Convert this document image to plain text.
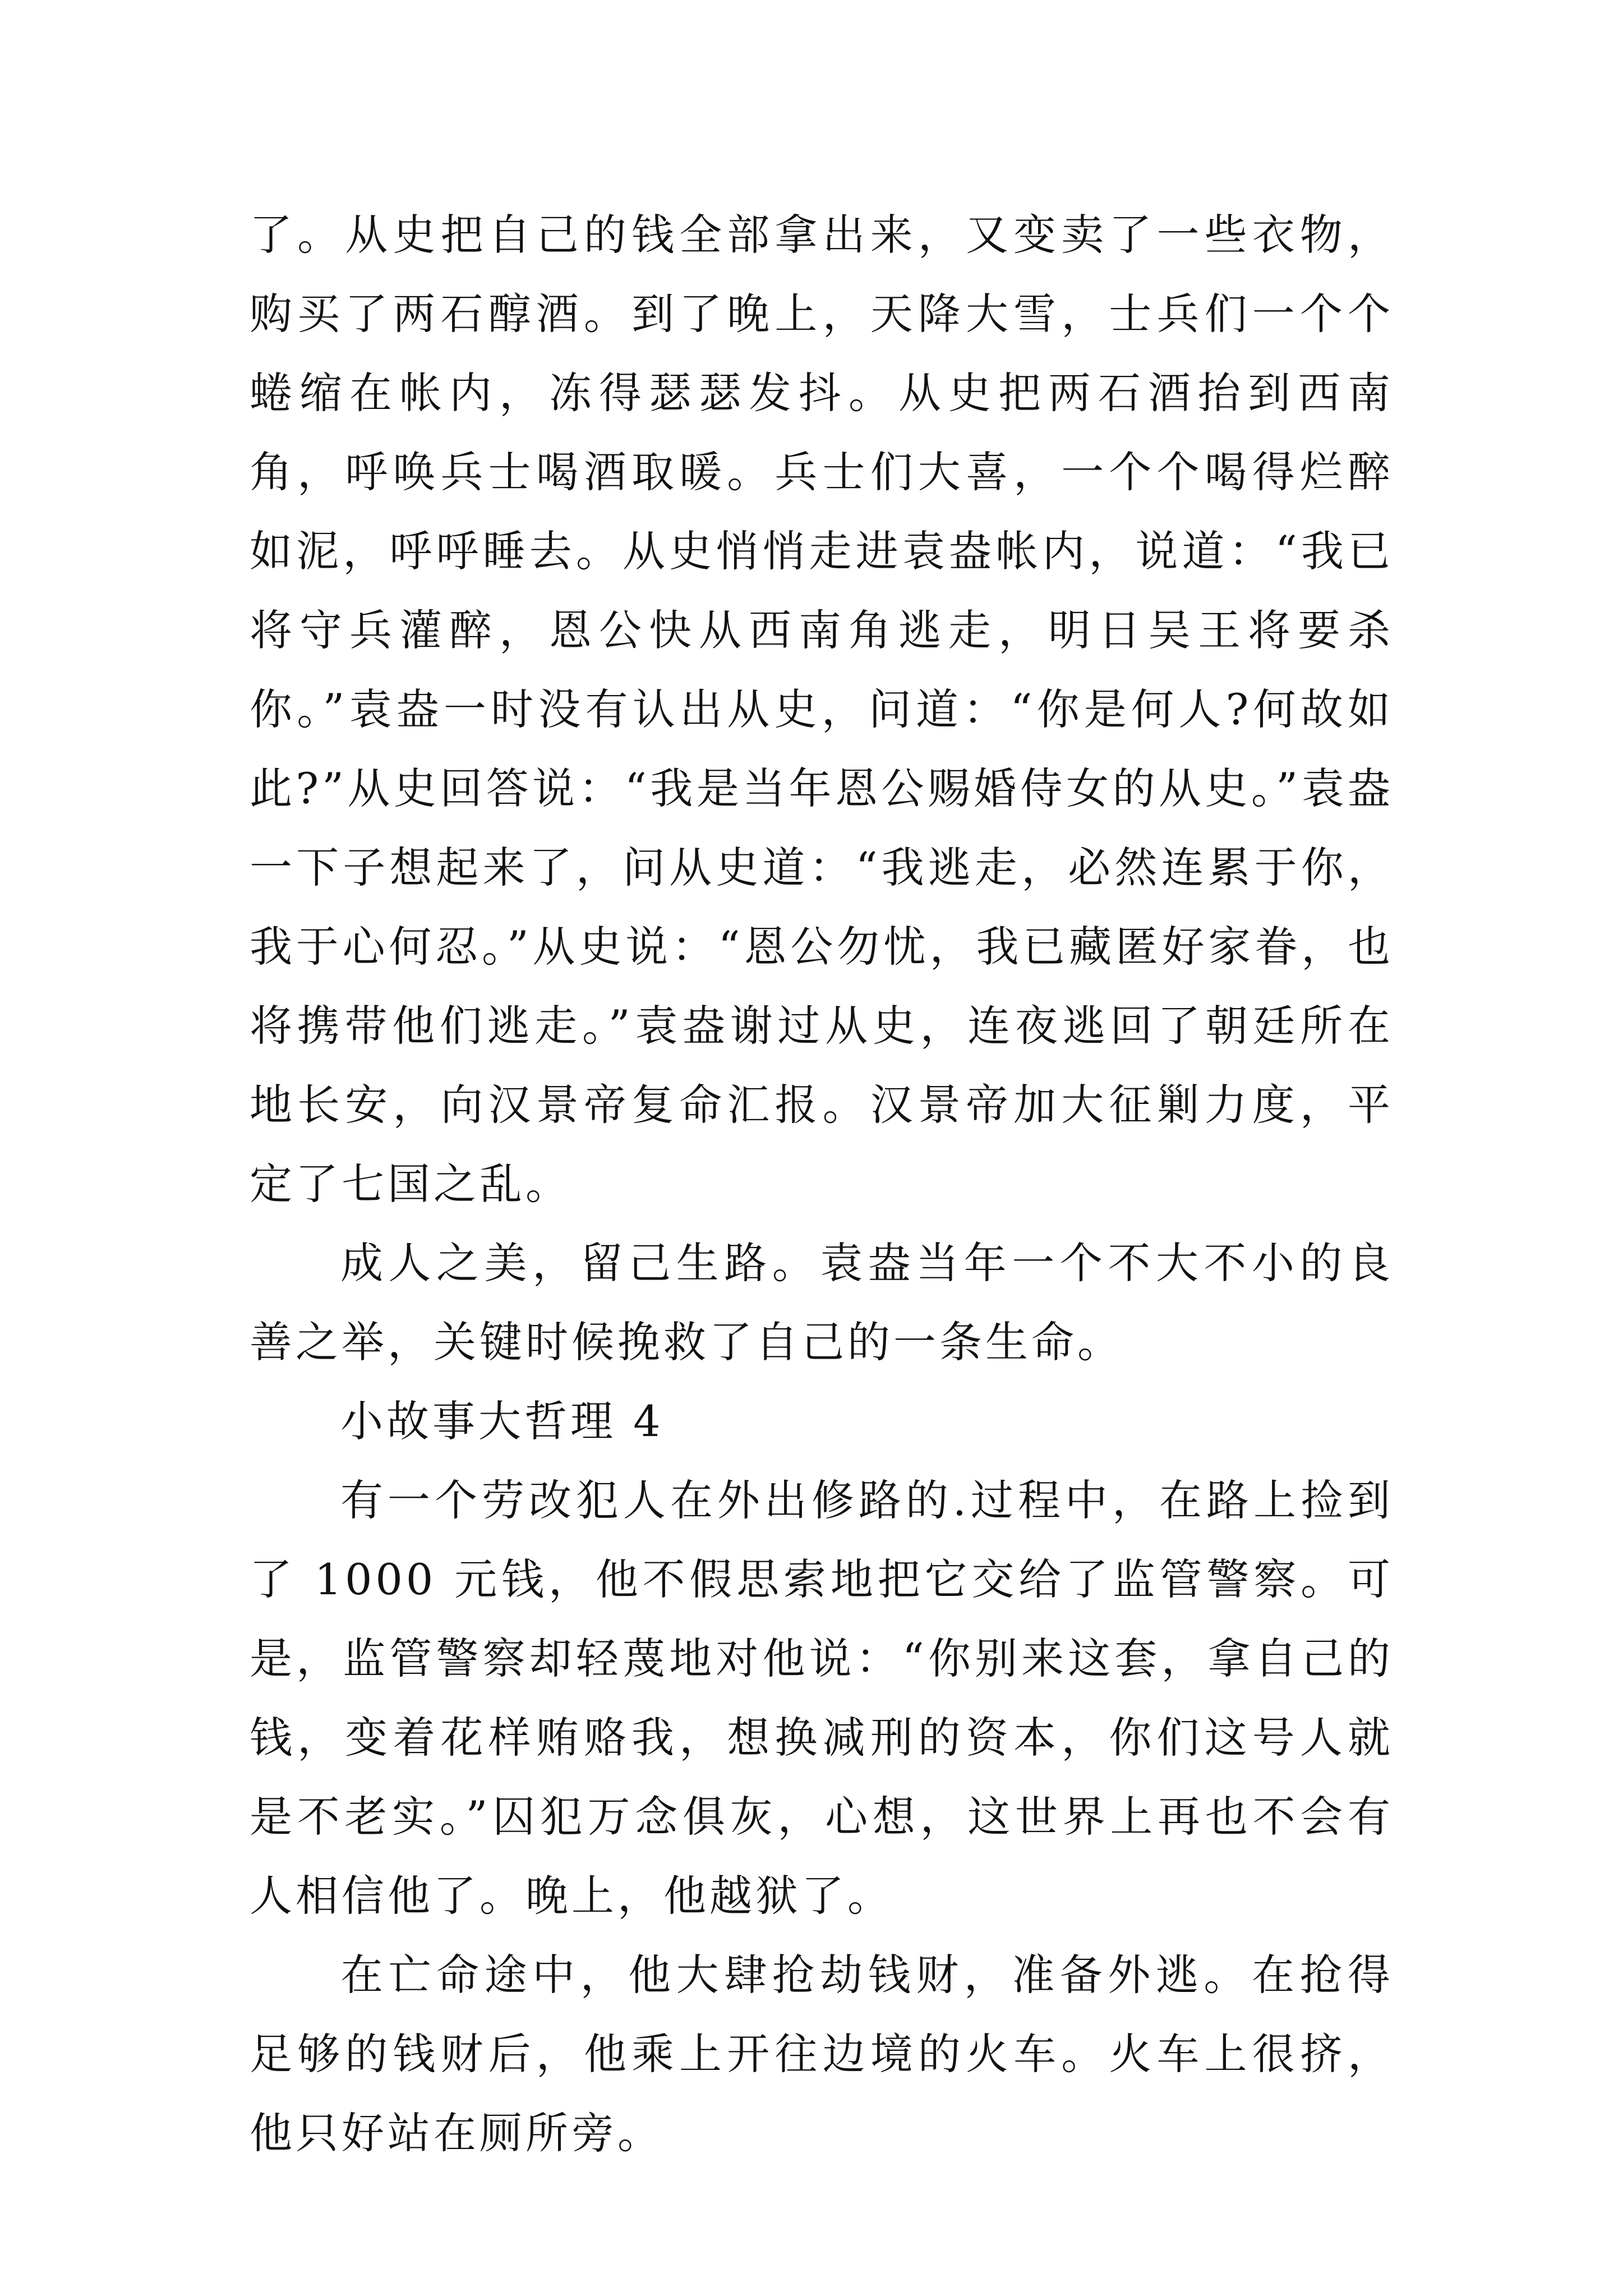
了。从史把自己的钱全部拿出来，又变卖了一些衣物，购买了两石醇酒。到了晚上，天降大雪，士兵们一个个蜷缩在帐内，冻得瑟瑟发抖。从史把两石酒抬到西南角，呼唤兵士喝酒取暖。兵士们大喜，一个个喝得烂醉如泥，呼呼睡去。从史悄悄走进袁盎帐内，说道：“我已将守兵灌醉，恩公快从西南角逃走，明日吴王将要杀你。”袁盎一时没有认出从史，问道：“你是何人?何故如此?”从史回答说：“我是当年恩公赐婚侍女的从史。”袁盎一下子想起来了，问从史道：“我逃走，必然连累于你，我于心何忍。”从史说：“恩公勿忧，我已藏匿好家眷，也将携带他们逃走。”袁盎谢过从史，连夜逃回了朝廷所在地长安，向汉景帝复命汇报。汉景帝加大征剿力度，平定了七国之乱。

成人之美，留己生路。袁盎当年一个不大不小的良善之举，关键时候挽救了自己的一条生命。

小故事大哲理 4

有一个劳改犯人在外出修路的.过程中，在路上捡到了 1000 元钱，他不假思索地把它交给了监管警察。可是，监管警察却轻蔑地对他说：“你别来这套，拿自己的钱，变着花样贿赂我，想换减刑的资本，你们这号人就是不老实。”囚犯万念俱灰，心想，这世界上再也不会有人相信他了。晚上，他越狱了。

在亡命途中，他大肆抢劫钱财，准备外逃。在抢得足够的钱财后，他乘上开往边境的火车。火车上很挤，他只好站在厕所旁。
